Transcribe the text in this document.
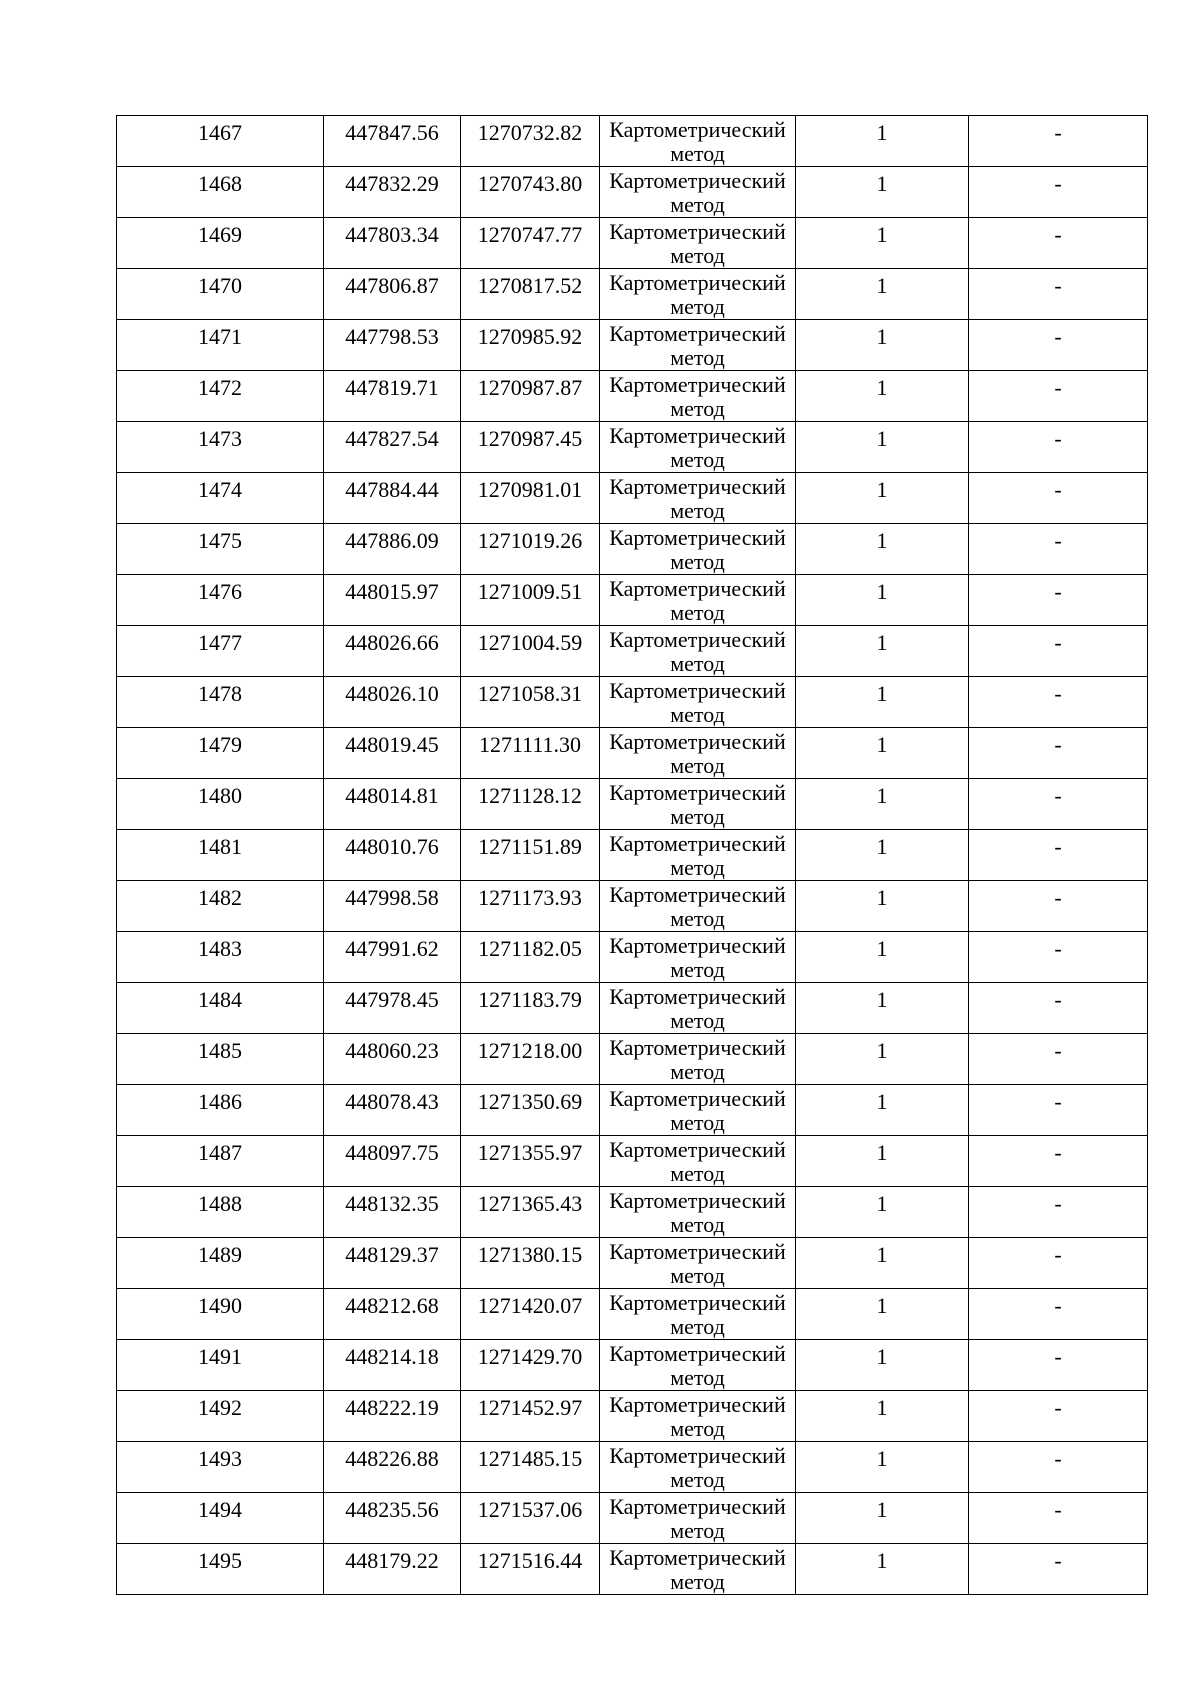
1467	447847.56	1270732.82	Картометрический метод	1	-

1468	447832.29	1270743.80	Картометрический метод	1	-

1469	447803.34	1270747.77	Картометрический метод	1	-

1470	447806.87	1270817.52	Картометрический метод	1	-

1471	447798.53	1270985.92	Картометрический метод	1	-

1472	447819.71	1270987.87	Картометрический метод	1	-

1473	447827.54	1270987.45	Картометрический метод	1	-

1474	447884.44	1270981.01	Картометрический метод	1	-

1475	447886.09	1271019.26	Картометрический метод	1	-

1476	448015.97	1271009.51	Картометрический метод	1	-

1477	448026.66	1271004.59	Картометрический метод	1	-

1478	448026.10	1271058.31	Картометрический метод	1	-

1479	448019.45	1271111.30	Картометрический метод	1	-

1480	448014.81	1271128.12	Картометрический метод	1	-

1481	448010.76	1271151.89	Картометрический метод	1	-

1482	447998.58	1271173.93	Картометрический метод	1	-

1483	447991.62	1271182.05	Картометрический метод	1	-

1484	447978.45	1271183.79	Картометрический метод	1	-

1485	448060.23	1271218.00	Картометрический метод	1	-

1486	448078.43	1271350.69	Картометрический метод	1	-

1487	448097.75	1271355.97	Картометрический метод	1	-

1488	448132.35	1271365.43	Картометрический метод	1	-

1489	448129.37	1271380.15	Картометрический метод	1	-

1490	448212.68	1271420.07	Картометрический метод	1	-

1491	448214.18	1271429.70	Картометрический метод	1	-

1492	448222.19	1271452.97	Картометрический метод	1	-

1493	448226.88	1271485.15	Картометрический метод	1	-

1494	448235.56	1271537.06	Картометрический метод	1	-

1495	448179.22	1271516.44	Картометрический метод	1	-
